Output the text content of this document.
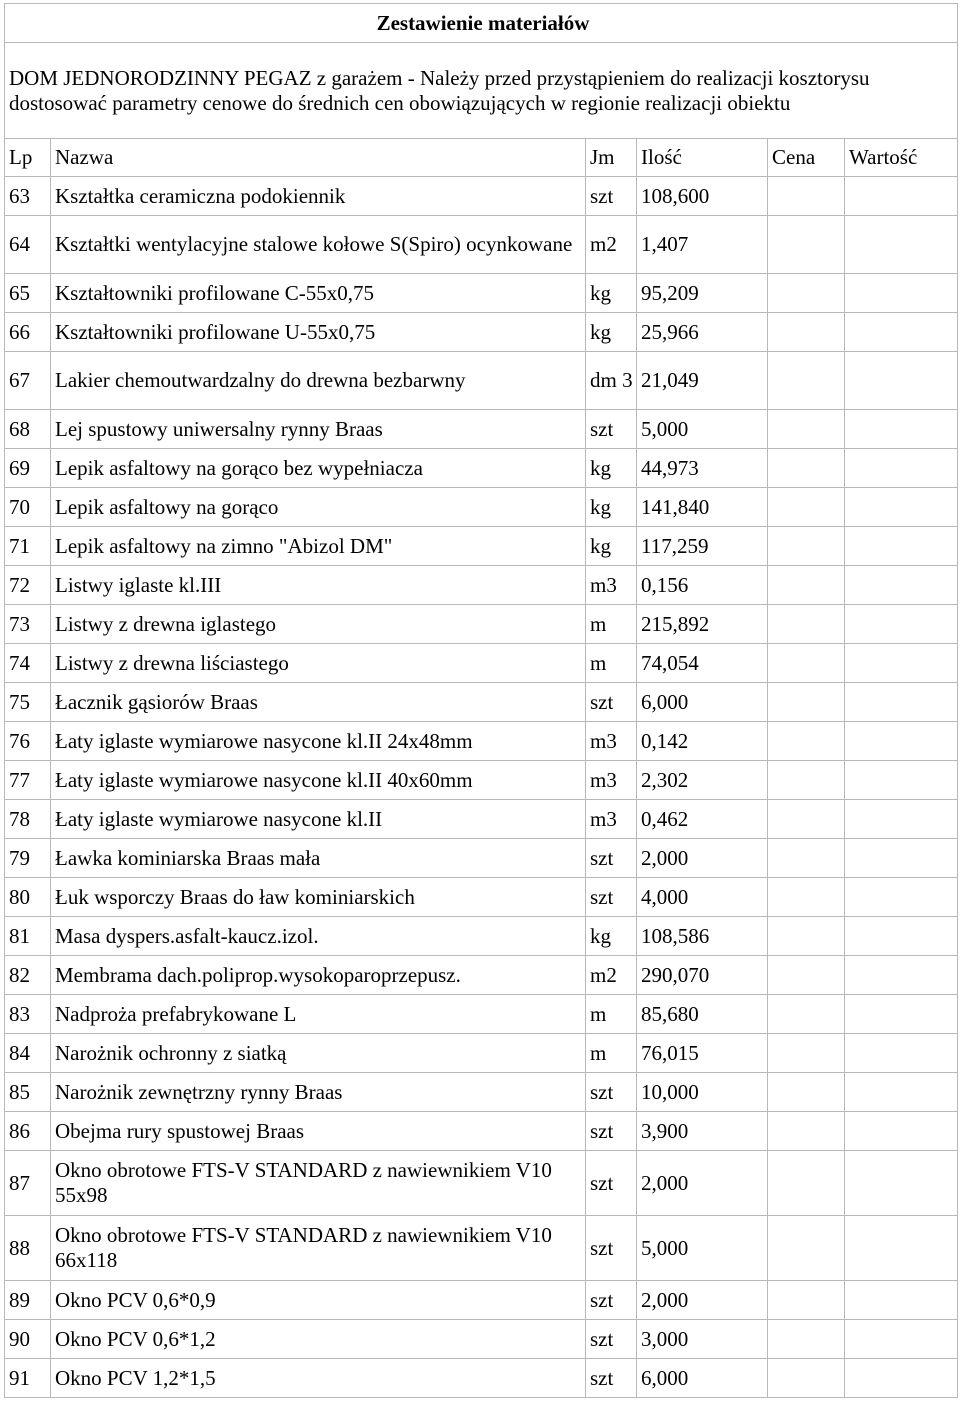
Zestawienie materiałów					
DOM JEDNORODZINNY PEGAZ z garażem - Należy przed przystąpieniem do realizacji kosztorysu dostosować parametry cenowe do średnich cen obowiązujących w regionie realizacji obiektu					
Lp	Nazwa	Jm	Ilość	Cena	Wartość
63	Kształtka ceramiczna podokiennik	szt	108,600		
64	Kształtki wentylacyjne stalowe kołowe S(Spiro) ocynkowane	m2	1,407		
65	Kształtowniki profilowane C-55x0,75	kg	95,209		
66	Kształtowniki profilowane U-55x0,75	kg	25,966		
67	Lakier chemoutwardzalny do drewna bezbarwny	dm 3	21,049		
68	Lej spustowy uniwersalny rynny Braas	szt	5,000		
69	Lepik asfaltowy na gorąco bez wypełniacza	kg	44,973		
70	Lepik asfaltowy na gorąco	kg	141,840		
71	Lepik asfaltowy na zimno "Abizol DM"	kg	117,259		
72	Listwy iglaste kl.III	m3	0,156		
73	Listwy z drewna iglastego	m	215,892		
74	Listwy z drewna liściastego	m	74,054		
75	Łacznik gąsiorów Braas	szt	6,000		
76	Łaty iglaste wymiarowe nasycone kl.II 24x48mm	m3	0,142		
77	Łaty iglaste wymiarowe nasycone kl.II 40x60mm	m3	2,302		
78	Łaty iglaste wymiarowe nasycone kl.II	m3	0,462		
79	Ławka kominiarska Braas mała	szt	2,000		
80	Łuk wsporczy Braas do ław kominiarskich	szt	4,000		
81	Masa dyspers.asfalt-kaucz.izol.	kg	108,586		
82	Membrama dach.poliprop.wysokoparoprzepusz.	m2	290,070		
83	Nadproża prefabrykowane L	m	85,680		
84	Narożnik ochronny z siatką	m	76,015		
85	Narożnik zewnętrzny rynny Braas	szt	10,000		
86	Obejma rury spustowej Braas	szt	3,900		
87	Okno obrotowe FTS-V STANDARD z nawiewnikiem V10 55x98	szt	2,000		
88	Okno obrotowe FTS-V STANDARD z nawiewnikiem V10 66x118	szt	5,000		
89	Okno PCV 0,6*0,9	szt	2,000		
90	Okno PCV 0,6*1,2	szt	3,000		
91	Okno PCV 1,2*1,5	szt	6,000		
